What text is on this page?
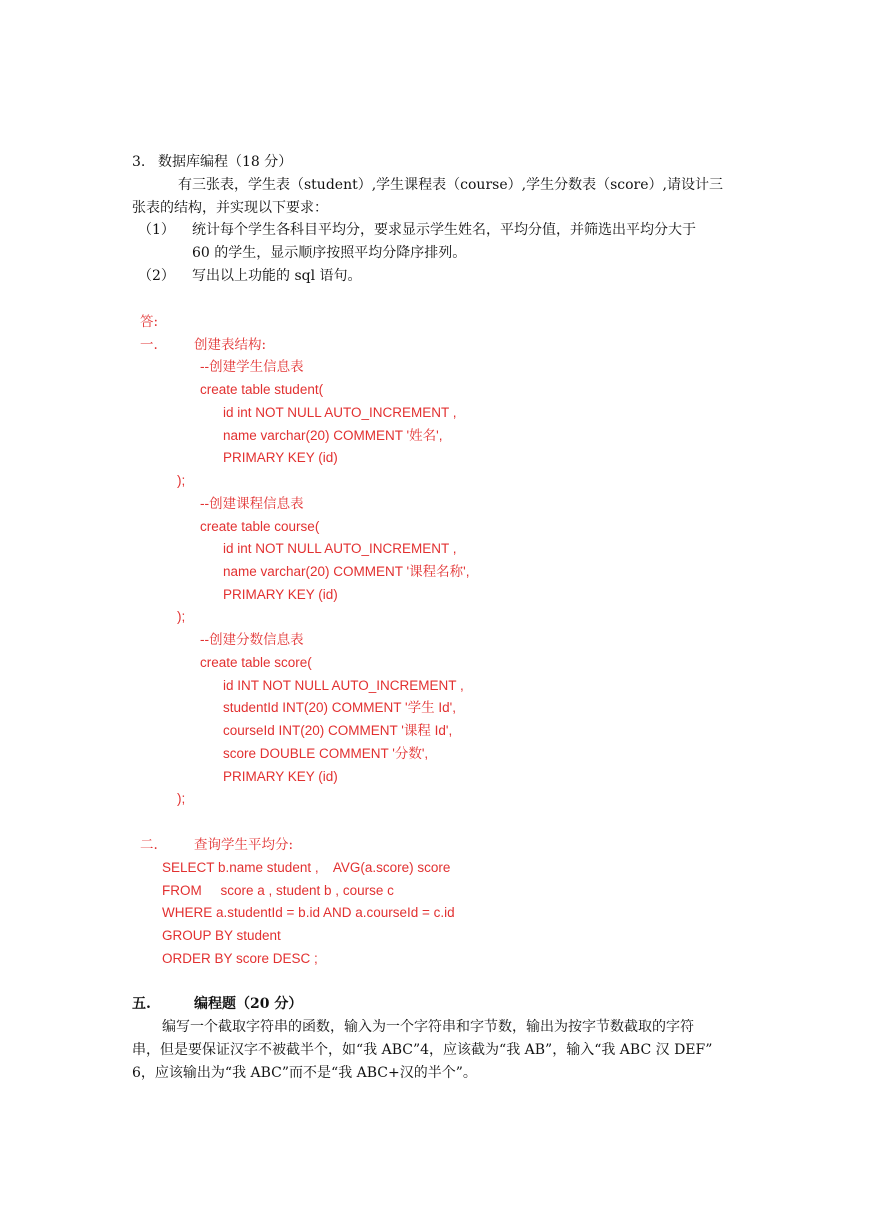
3. 数据库编程（18 分）
有三张表，学生表（student）,学生课程表（course）,学生分数表（score）,请设计三
张表的结构，并实现以下要求：
（1） 统计每个学生各科目平均分，要求显示学生姓名，平均分值，并筛选出平均分大于
60 的学生，显示顺序按照平均分降序排列。
（2） 写出以上功能的 sql 语句。
答:
一.	创建表结构:
--创建学生信息表
create table student(
id int NOT NULL AUTO_INCREMENT ,
name varchar(20) COMMENT '姓名',
PRIMARY KEY (id)
);
--创建课程信息表
create table course(
id int NOT NULL AUTO_INCREMENT ,
name varchar(20) COMMENT '课程名称',
PRIMARY KEY (id)
);
--创建分数信息表
create table score(
id INT NOT NULL AUTO_INCREMENT ,
studentId INT(20) COMMENT '学生 Id',
courseId INT(20) COMMENT '课程 Id',
score DOUBLE COMMENT '分数',
PRIMARY KEY (id)
);
二.	查询学生平均分:
SELECT b.name student ,    AVG(a.score) score
FROM     score a , student b , course c
WHERE a.studentId = b.id AND a.courseId = c.id
GROUP BY student
ORDER BY score DESC ;
五.	编程题（20 分）
编写一个截取字符串的函数，输入为一个字符串和字节数，输出为按字节数截取的字符
串，但是要保证汉字不被截半个，如“我 ABC”4，应该截为“我 AB”，输入“我 ABC 汉 DEF”
6，应该输出为“我 ABC”而不是“我 ABC+汉的半个”。
